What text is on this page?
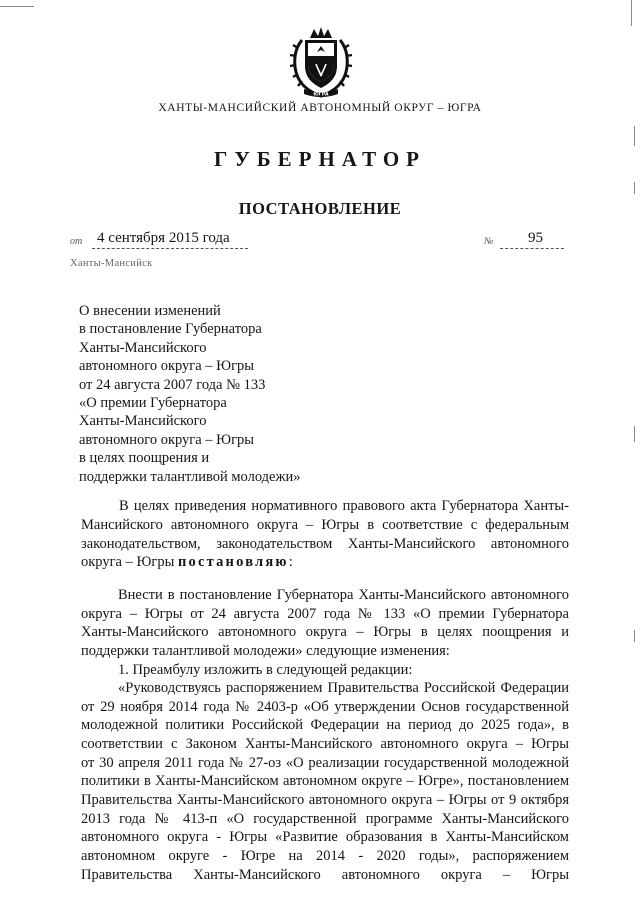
ЮГРА
ХАНТЫ-МАНСИЙСКИЙ АВТОНОМНЫЙ ОКРУГ – ЮГРА
ГУБЕРНАТОР
ПОСТАНОВЛЕНИЕ
от 4 сентября 2015 года	№ 95
Ханты-Мансийск
О внесении изменений
в постановление Губернатора
Ханты-Мансийского
автономного округа – Югры
от 24 августа 2007 года № 133
«О премии Губернатора
Ханты-Мансийского
автономного округа – Югры
в целях поощрения и
поддержки талантливой молодежи»
В целях приведения нормативного правового акта Губернатора Ханты-Мансийского автономного округа – Югры в соответствие с федеральным законодательством, законодательством Ханты-Мансийского автономного округа – Югры постановляю:
Внести в постановление Губернатора Ханты-Мансийского автономного
округа – Югры от 24 августа 2007 года № 133 «О премии Губернатора
Ханты-Мансийского автономного округа – Югры в целях поощрения и
поддержки талантливой молодежи» следующие изменения:
1. Преамбулу изложить в следующей редакции:
«Руководствуясь распоряжением Правительства Российской Федерации
от 29 ноября 2014 года № 2403-р «Об утверждении Основ государственной
молодежной политики Российской Федерации на период до 2025 года», в
соответствии с Законом Ханты-Мансийского автономного округа – Югры
от 30 апреля 2011 года № 27-оз «О реализации государственной молодежной
политики в Ханты-Мансийском автономном округе – Югре», постановлением
Правительства Ханты-Мансийского автономного округа – Югры от 9 октября
2013 года № 413-п «О государственной программе Ханты-Мансийского
автономного округа - Югры «Развитие образования в Ханты-Мансийском
автономном округе - Югре на 2014 - 2020 годы», распоряжением
Правительства Ханты-Мансийского автономного округа – Югры
